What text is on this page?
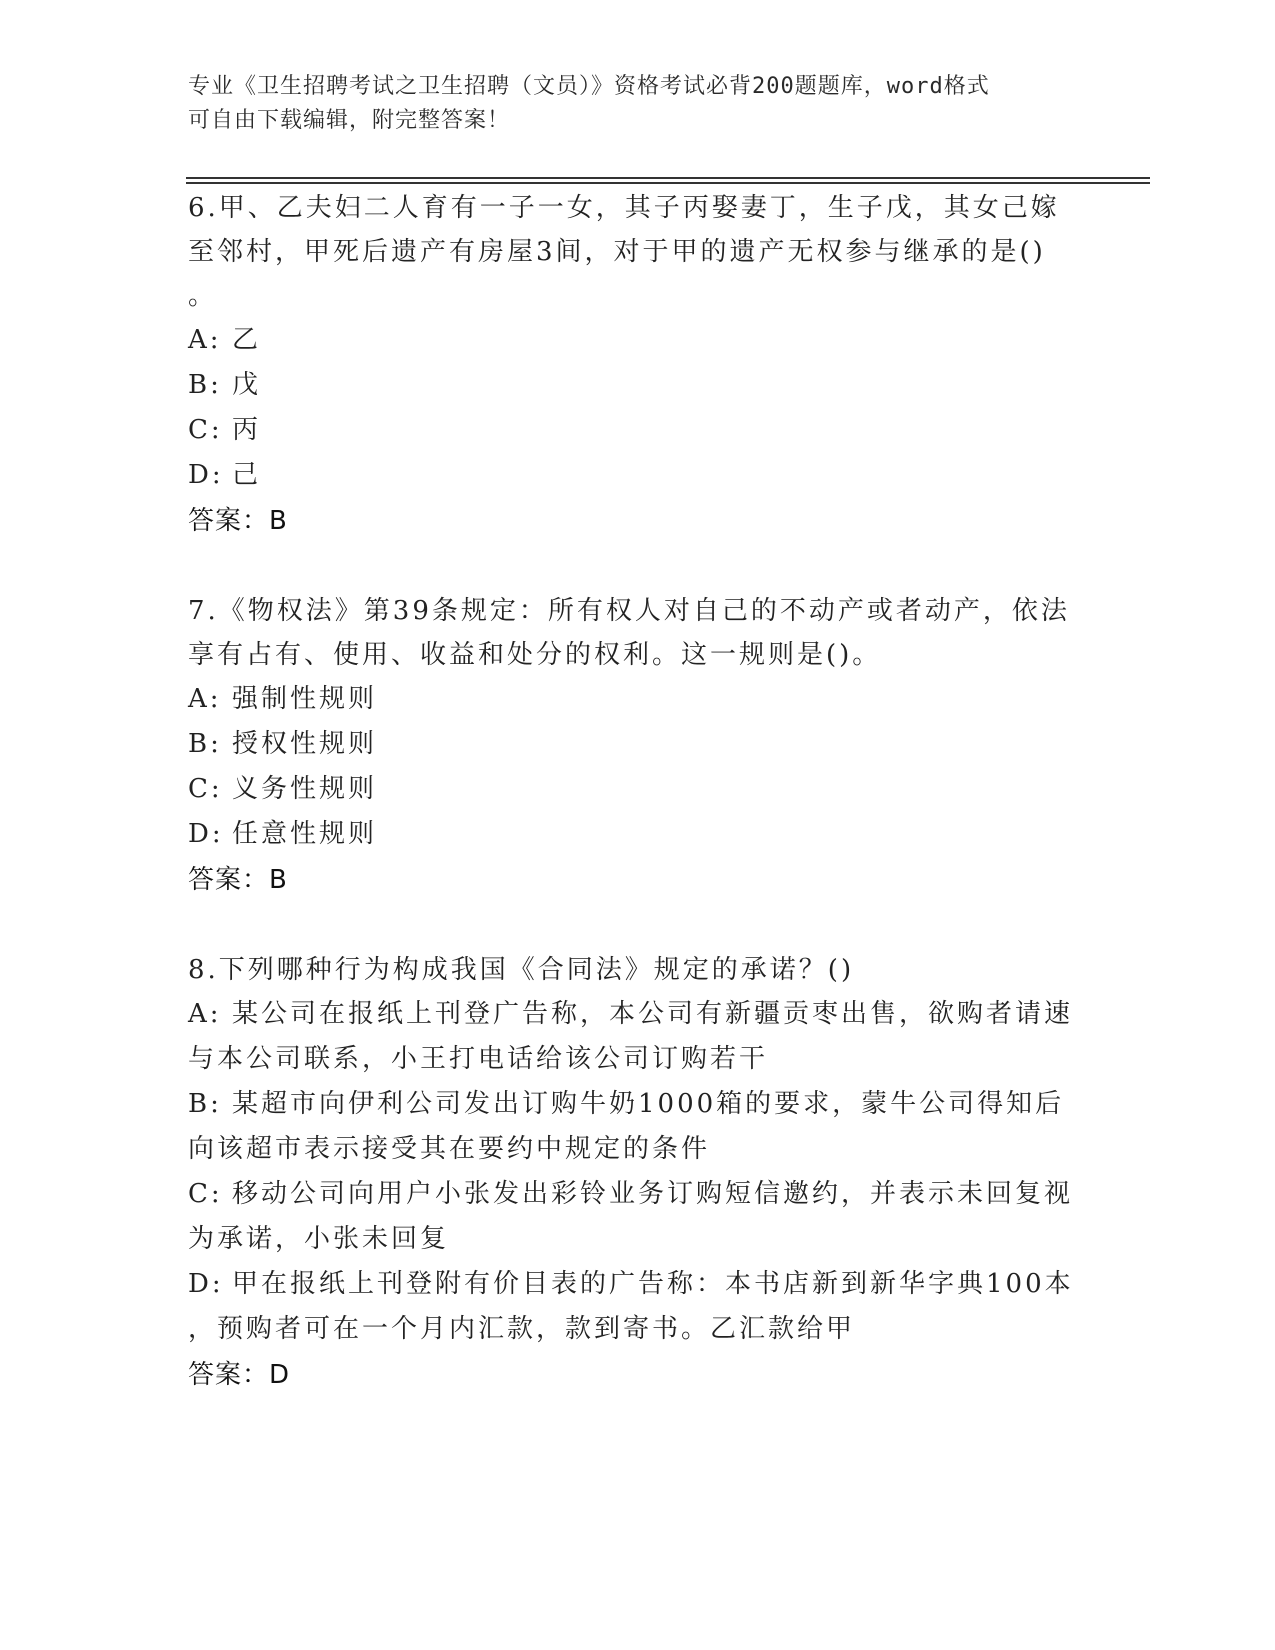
专业《卫生招聘考试之卫生招聘（文员）》资格考试必背200题题库，word格式
可自由下载编辑，附完整答案！

6.甲、乙夫妇二人育有一子一女，其子丙娶妻丁，生子戊，其女己嫁

至邻村，甲死后遗产有房屋3间，对于甲的遗产无权参与继承的是()

。

A: 乙

B: 戊

C: 丙

D: 己

答案：B

7.《物权法》第39条规定：所有权人对自己的不动产或者动产，依法

享有占有、使用、收益和处分的权利。这一规则是()。

A: 强制性规则

B: 授权性规则

C: 义务性规则

D: 任意性规则

答案：B

8.下列哪种行为构成我国《合同法》规定的承诺？()

A: 某公司在报纸上刊登广告称，本公司有新疆贡枣出售，欲购者请速

与本公司联系，小王打电话给该公司订购若干

B: 某超市向伊利公司发出订购牛奶1000箱的要求，蒙牛公司得知后

向该超市表示接受其在要约中规定的条件

C: 移动公司向用户小张发出彩铃业务订购短信邀约，并表示未回复视

为承诺，小张未回复

D: 甲在报纸上刊登附有价目表的广告称：本书店新到新华字典100本

，预购者可在一个月内汇款，款到寄书。乙汇款给甲

答案：D
